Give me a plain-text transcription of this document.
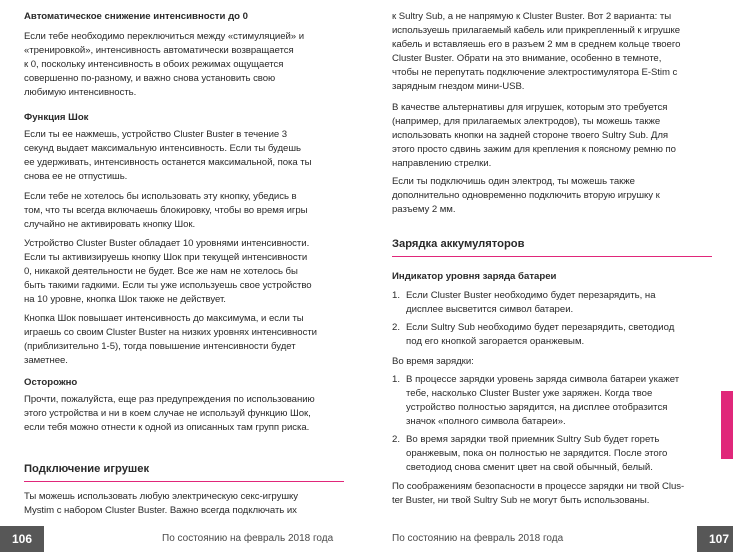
Автоматическое снижение интенсивности до 0

Если тебе необходимо переключиться между «стимуляцией» и
«тренировкой», интенсивность автоматически возвращается
к 0, поскольку интенсивность в обоих режимах ощущается
совершенно по-разному, и важно снова установить свою
любимую интенсивность.

Функция Шок

Если ты ее нажмешь, устройство Cluster Buster в течение 3
секунд выдает максимальную интенсивность. Если ты будешь
ее удерживать, интенсивность останется максимальной, пока ты
снова ее не отпустишь.

Если тебе не хотелось бы использовать эту кнопку, убедись в
том, что ты всегда включаешь блокировку, чтобы во время игры
случайно не активировать кнопку Шок.

Устройство Cluster Buster обладает 10 уровнями интенсивности.
Если ты активизируешь кнопку Шок при текущей интенсивности
0, никакой деятельности не будет. Все же нам не хотелось бы
быть такими гадкими. Если ты уже используешь свое устройство
на 10 уровне, кнопка Шок также не действует.

Кнопка Шок повышает интенсивность до максимума, и если ты
играешь со своим Cluster Buster на низких уровнях интенсивности
(приблизительно 1-5), тогда повышение интенсивности будет
заметнее.

Осторожно

Прочти, пожалуйста, еще раз предупреждения по использованию
этого устройства и ни в коем случае не используй функцию Шок,
если тебя можно отнести к одной из описанных там групп риска.

Подключение игрушек

Ты можешь использовать любую электрическую секс-игрушку
Mystim с набором Cluster Buster. Важно всегда подключать их

106	По состоянию на февраль 2018 года

к Sultry Sub, а не напрямую к Cluster Buster. Вот 2 варианта: ты
используешь прилагаемый кабель или прикрепленный к игрушке
кабель и вставляешь его в разъем 2 мм в среднем кольце твоего
Cluster Buster. Обрати на это внимание, особенно в темноте,
чтобы не перепутать подключение электростимулятора E-Stim с
зарядным гнездом мини-USB.

В качестве альтернативы для игрушек, которым это требуется
(например, для прилагаемых электродов), ты можешь также
использовать кнопки на задней стороне твоего Sultry Sub. Для
этого просто сдвинь зажим для крепления к поясному ремню по
направлению стрелки.

Если ты подключишь один электрод, ты можешь также
дополнительно одновременно подключить вторую игрушку к
разъему 2 мм.

Зарядка аккумуляторов
Индикатор уровня заряда батареи
1. Если Cluster Buster необходимо будет перезарядить, на
дисплее высветится символ батареи.
2. Если Sultry Sub необходимо будет перезарядить, светодиод
под его кнопкой загорается оранжевым.

Во время зарядки:

1. В процессе зарядки уровень заряда символа батареи укажет
тебе, насколько Cluster Buster уже заряжен. Когда твое
устройство полностью зарядится, на дисплее отобразится
значок «полного символа батареи».
2. Во время зарядки твой приемник Sultry Sub будет гореть
оранжевым, пока он полностью не зарядится. После этого
светодиод снова сменит цвет на свой обычный, белый.

По соображениям безопасности в процессе зарядки ни твой Clus-
ter Buster, ни твой Sultry Sub не могут быть использованы.

По состоянию на февраль 2018 года	107
RU
